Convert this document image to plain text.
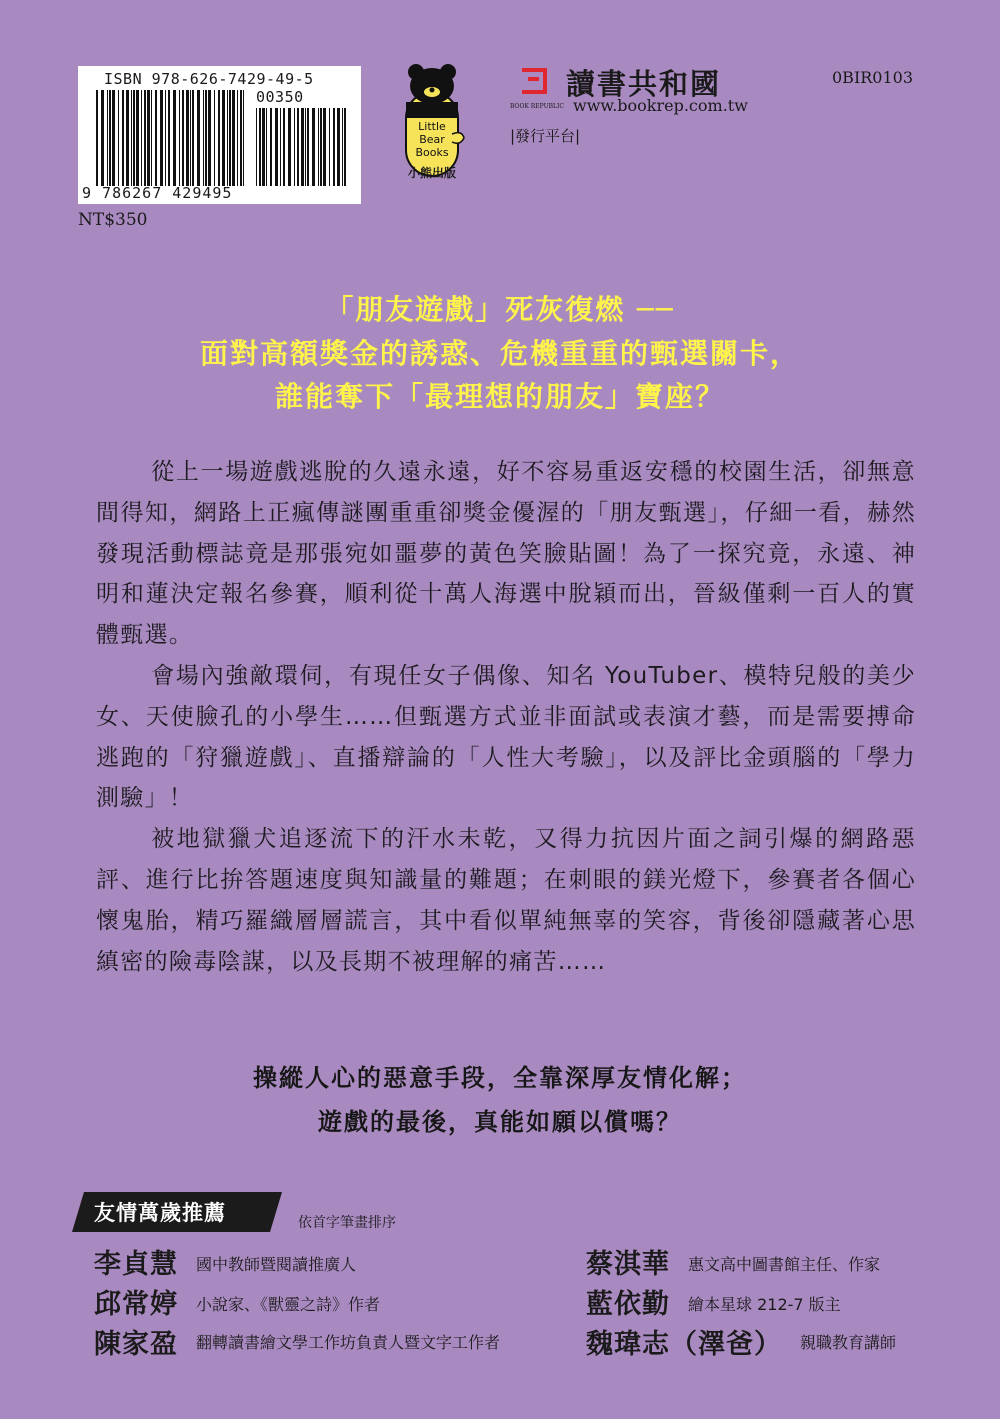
ISBN 978-626-7429-49-5
00350
9 786267 429495
NT$350
Little
Bear
Books
小熊出版
讀書共和國
BOOK REPUBLIC www.bookrep.com.tw
|發行平台|
0BIR0103
「朋友遊戲」死灰復燃 ──
面對高額獎金的誘惑、危機重重的甄選關卡，
誰能奪下「最理想的朋友」寶座？

從上一場遊戲逃脫的久遠永遠，好不容易重返安穩的校園生活，卻無意間得知，網路上正瘋傳謎團重重卻獎金優渥的「朋友甄選」，仔細一看，赫然發現活動標誌竟是那張宛如噩夢的黃色笑臉貼圖！為了一探究竟，永遠、神明和蓮決定報名參賽，順利從十萬人海選中脫穎而出，晉級僅剩一百人的實體甄選。

會場內強敵環伺，有現任女子偶像、知名 YouTuber、模特兒般的美少女、天使臉孔的小學生……但甄選方式並非面試或表演才藝，而是需要搏命逃跑的「狩獵遊戲」、直播辯論的「人性大考驗」，以及評比金頭腦的「學力測驗」！

被地獄獵犬追逐流下的汗水未乾，又得力抗因片面之詞引爆的網路惡評、進行比拚答題速度與知識量的難題；在刺眼的鎂光燈下，參賽者各個心懷鬼胎，精巧羅織層層謊言，其中看似單純無辜的笑容，背後卻隱藏著心思縝密的險毒陰謀，以及長期不被理解的痛苦……

操縱人心的惡意手段，全靠深厚友情化解；
遊戲的最後，真能如願以償嗎？
友情萬歲推薦	依首字筆畫排序
李貞慧 國中教師暨閱讀推廣人
邱常婷 小說家、《獸靈之詩》作者
陳家盈 翻轉讀書繪文學工作坊負責人暨文字工作者
蔡淇華 惠文高中圖書館主任、作家
藍依勤 繪本星球 212-7 版主
魏瑋志（澤爸） 親職教育講師
